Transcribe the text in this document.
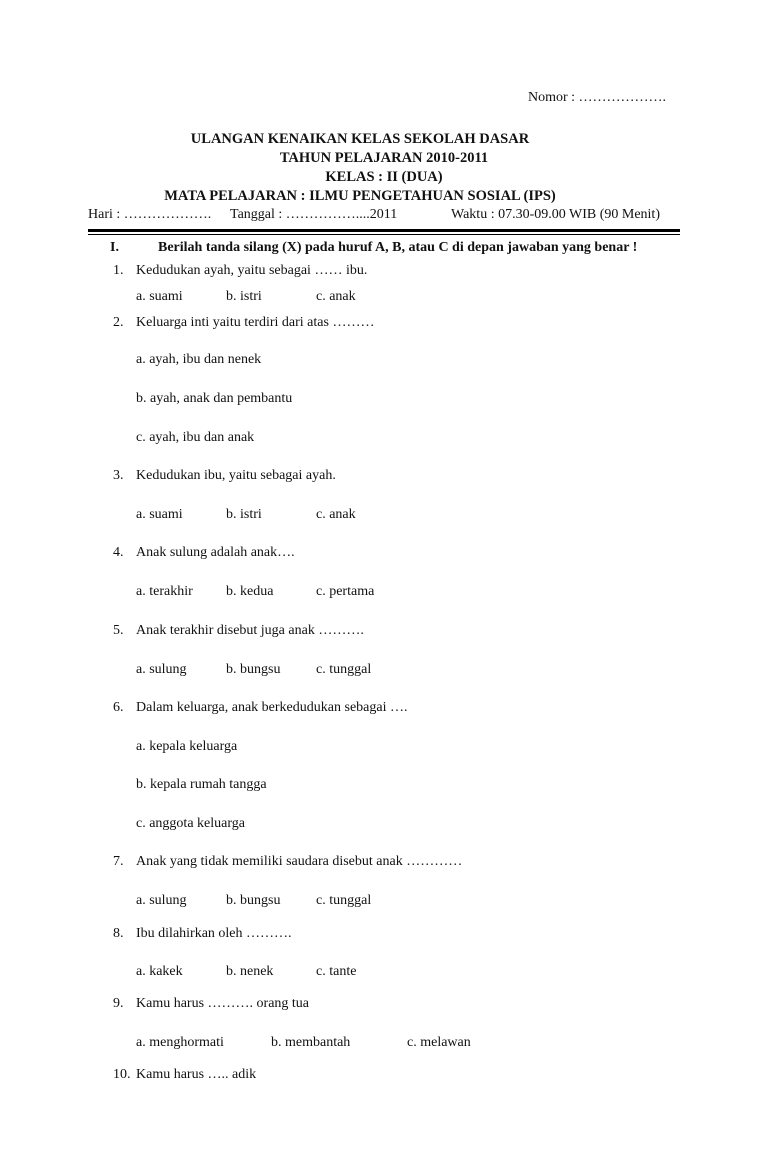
Nomor : ……………….
ULANGAN KENAIKAN KELAS SEKOLAH DASAR
TAHUN PELAJARAN 2010-2011
KELAS : II (DUA)
MATA PELAJARAN : ILMU PENGETAHUAN SOSIAL (IPS)
Hari : ………………. Tanggal : ……………....2011	Waktu : 07.30-09.00 WIB (90 Menit)
I.	Berilah tanda silang (X) pada huruf A, B, atau C di depan jawaban yang benar !
1. Kedudukan ayah, yaitu sebagai …… ibu.
a. suami	b. istri	c. anak
2. Keluarga inti yaitu terdiri dari atas ………
a. ayah, ibu dan nenek
b. ayah, anak dan pembantu
c. ayah, ibu dan anak
3. Kedudukan ibu, yaitu sebagai ayah.
a. suami	b. istri	c. anak
4. Anak sulung adalah anak….
a. terakhir b. kedua	c. pertama
5. Anak terakhir disebut juga anak ……….
a. sulung	b. bungsu	c. tunggal
6. Dalam keluarga, anak berkedudukan sebagai ….
a. kepala keluarga
b. kepala rumah tangga
c. anggota keluarga
7. Anak yang tidak memiliki saudara disebut anak …………
a. sulung	b. bungsu	c. tunggal
8. Ibu dilahirkan oleh ……….
a. kakek	b. nenek	c. tante
9. Kamu harus ………. orang tua
a. menghormati	b. membantah	c. melawan
10. Kamu harus ….. adik
